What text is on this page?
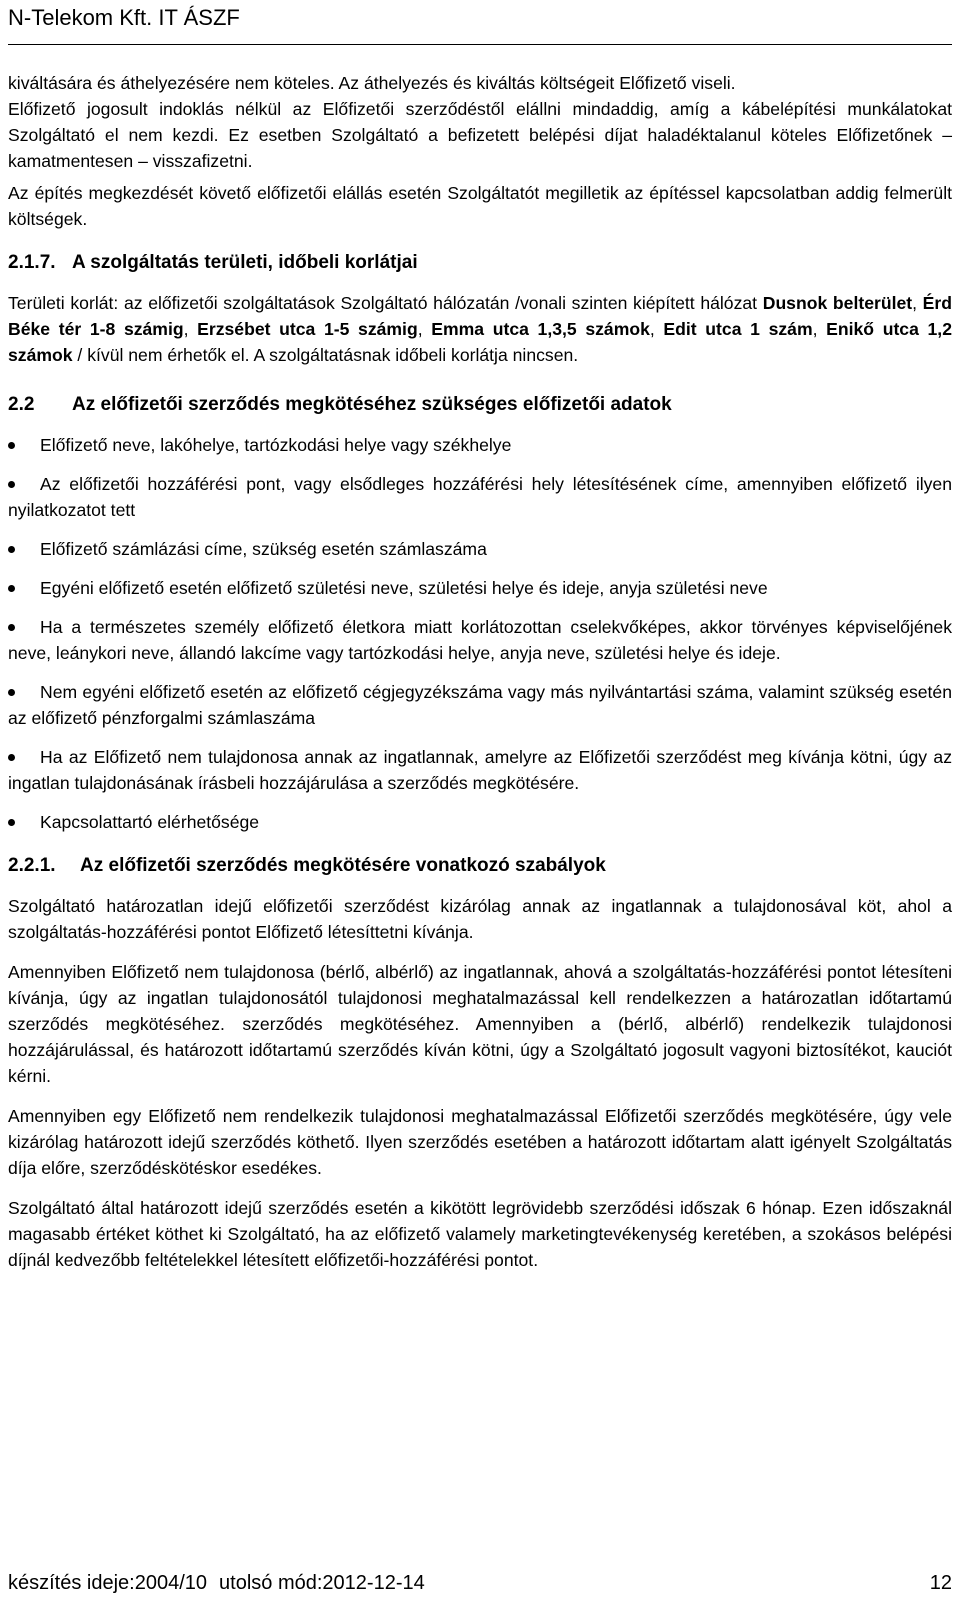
N-Telekom Kft. IT ÁSZF

kiváltására és áthelyezésére nem köteles. Az áthelyezés és kiváltás költségeit Előfizető viseli.

Előfizető jogosult indoklás nélkül az Előfizetői szerződéstől elállni mindaddig, amíg a kábelépítési munkálatokat Szolgáltató el nem kezdi. Ez esetben Szolgáltató a befizetett belépési díjat haladéktalanul köteles Előfizetőnek – kamatmentesen – visszafizetni.

Az építés megkezdését követő előfizetői elállás esetén Szolgáltatót megilletik az építéssel kapcsolatban addig felmerült költségek.

2.1.7. A szolgáltatás területi, időbeli korlátjai

Területi korlát: az előfizetői szolgáltatások Szolgáltató hálózatán /vonali szinten kiépített hálózat Dusnok belterület, Érd Béke tér 1-8 számig, Erzsébet utca 1-5 számig, Emma utca 1,3,5 számok, Edit utca 1 szám, Enikő utca 1,2 számok / kívül nem érhetők el. A szolgáltatásnak időbeli korlátja nincsen.

2.2 Az előfizetői szerződés megkötéséhez szükséges előfizetői adatok
Előfizető neve, lakóhelye, tartózkodási helye vagy székhelye
Az előfizetői hozzáférési pont, vagy elsődleges hozzáférési hely létesítésének címe, amennyiben előfizető ilyen nyilatkozatot tett
Előfizető számlázási címe, szükség esetén számlaszáma
Egyéni előfizető esetén előfizető születési neve, születési helye és ideje, anyja születési neve
Ha a természetes személy előfizető életkora miatt korlátozottan cselekvőképes, akkor törvényes képviselőjének neve, leánykori neve, állandó lakcíme vagy tartózkodási helye, anyja neve, születési helye és ideje.
Nem egyéni előfizető esetén az előfizető cégjegyzékszáma vagy más nyilvántartási száma, valamint szükség esetén az előfizető pénzforgalmi számlaszáma
Ha az Előfizető nem tulajdonosa annak az ingatlannak, amelyre az Előfizetői szerződést meg kívánja kötni, úgy az ingatlan tulajdonásának írásbeli hozzájárulása a szerződés megkötésére.
Kapcsolattartó elérhetősége
2.2.1. Az előfizetői szerződés megkötésére vonatkozó szabályok

Szolgáltató határozatlan idejű előfizetői szerződést kizárólag annak az ingatlannak a tulajdonosával köt, ahol a szolgáltatás-hozzáférési pontot Előfizető létesíttetni kívánja.

Amennyiben Előfizető nem tulajdonosa (bérlő, albérlő) az ingatlannak, ahová a szolgáltatás-hozzáférési pontot létesíteni kívánja, úgy az ingatlan tulajdonosától tulajdonosi meghatalmazással kell rendelkezzen a határozatlan időtartamú szerződés megkötéséhez. szerződés megkötéséhez. Amennyiben a (bérlő, albérlő) rendelkezik tulajdonosi hozzájárulással, és határozott időtartamú szerződés kíván kötni, úgy a Szolgáltató jogosult vagyoni biztosítékot, kauciót kérni.

Amennyiben egy Előfizető nem rendelkezik tulajdonosi meghatalmazással Előfizetői szerződés megkötésére, úgy vele kizárólag határozott idejű szerződés köthető. Ilyen szerződés esetében a határozott időtartam alatt igényelt Szolgáltatás díja előre, szerződéskötéskor esedékes.

Szolgáltató által határozott idejű szerződés esetén a kikötött legrövidebb szerződési időszak 6 hónap. Ezen időszaknál magasabb értéket köthet ki Szolgáltató, ha az előfizető valamely marketingtevékenység keretében, a szokásos belépési díjnál kedvezőbb feltételekkel létesített előfizetői-hozzáférési pontot.

készítés ideje:2004/10 utolsó mód:2012-12-14	12
